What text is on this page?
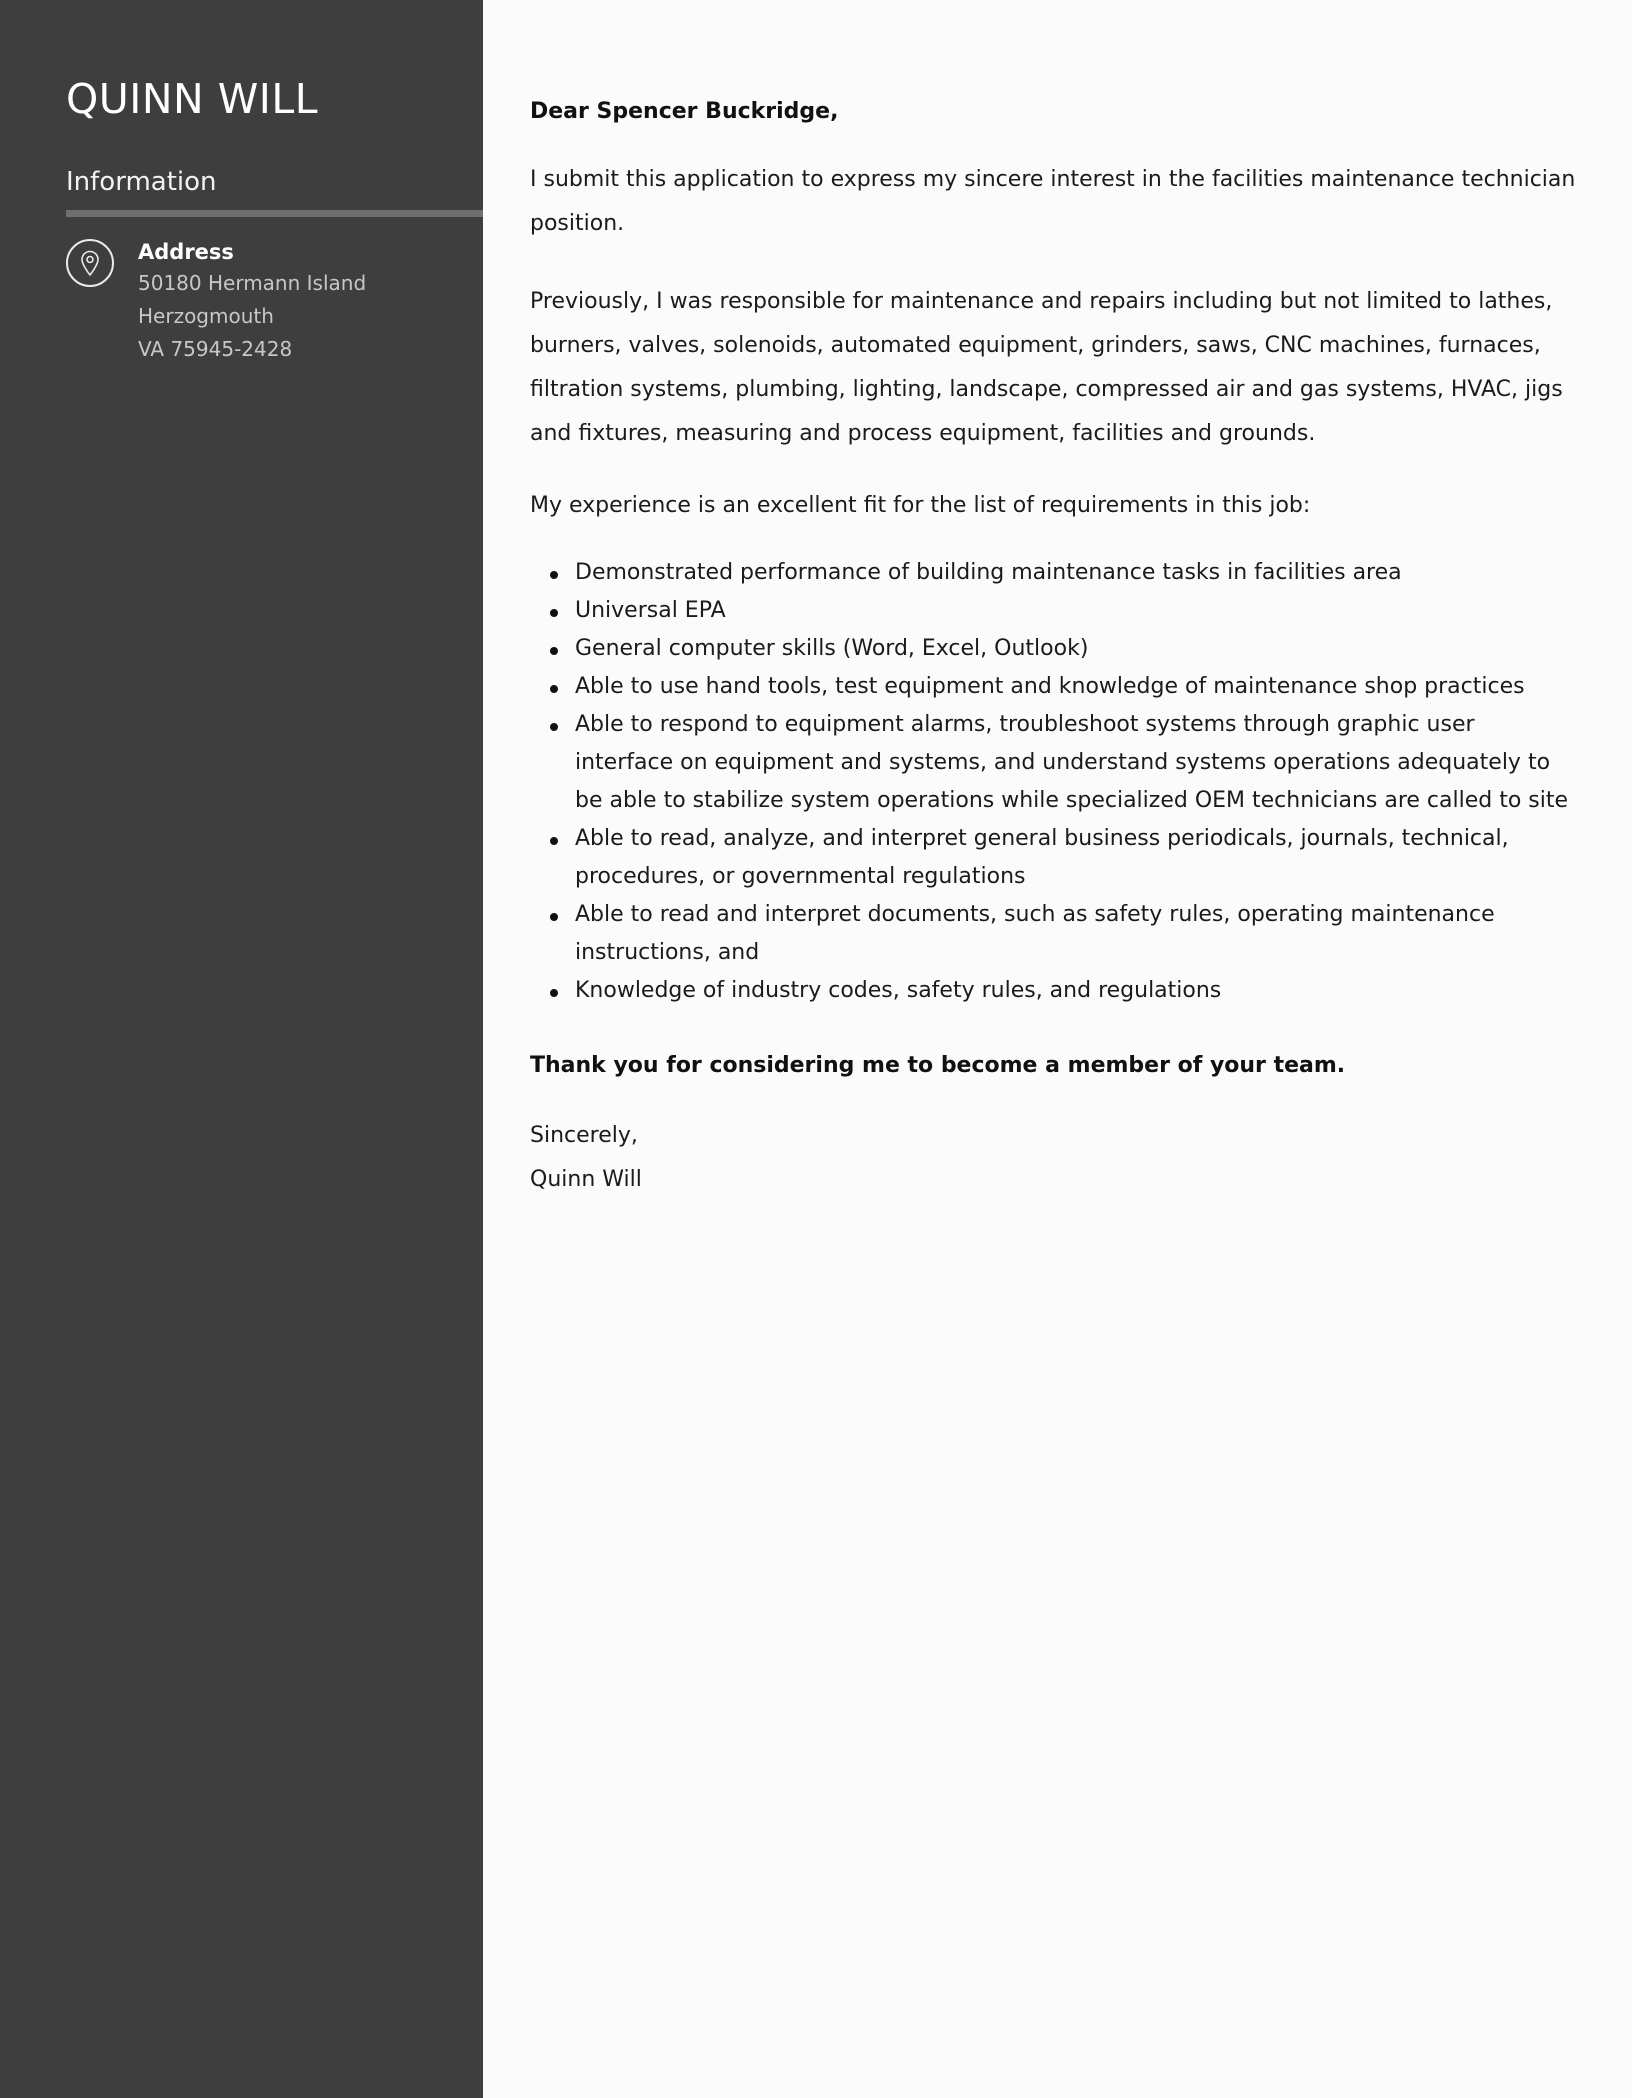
QUINN WILL
Information
Address
50180 Hermann Island
Herzogmouth
VA 75945-2428

Dear Spencer Buckridge,

I submit this application to express my sincere interest in the facilities maintenance technician position.

Previously, I was responsible for maintenance and repairs including but not limited to lathes, burners, valves, solenoids, automated equipment, grinders, saws, CNC machines, furnaces, filtration systems, plumbing, lighting, landscape, compressed air and gas systems, HVAC, jigs and fixtures, measuring and process equipment, facilities and grounds.

My experience is an excellent fit for the list of requirements in this job:

Demonstrated performance of building maintenance tasks in facilities area
Universal EPA
General computer skills (Word, Excel, Outlook)
Able to use hand tools, test equipment and knowledge of maintenance shop practices
Able to respond to equipment alarms, troubleshoot systems through graphic user interface on equipment and systems, and understand systems operations adequately to be able to stabilize system operations while specialized OEM technicians are called to site
Able to read, analyze, and interpret general business periodicals, journals, technical, procedures, or governmental regulations
Able to read and interpret documents, such as safety rules, operating maintenance instructions, and
Knowledge of industry codes, safety rules, and regulations

Thank you for considering me to become a member of your team.

Sincerely,
Quinn Will
